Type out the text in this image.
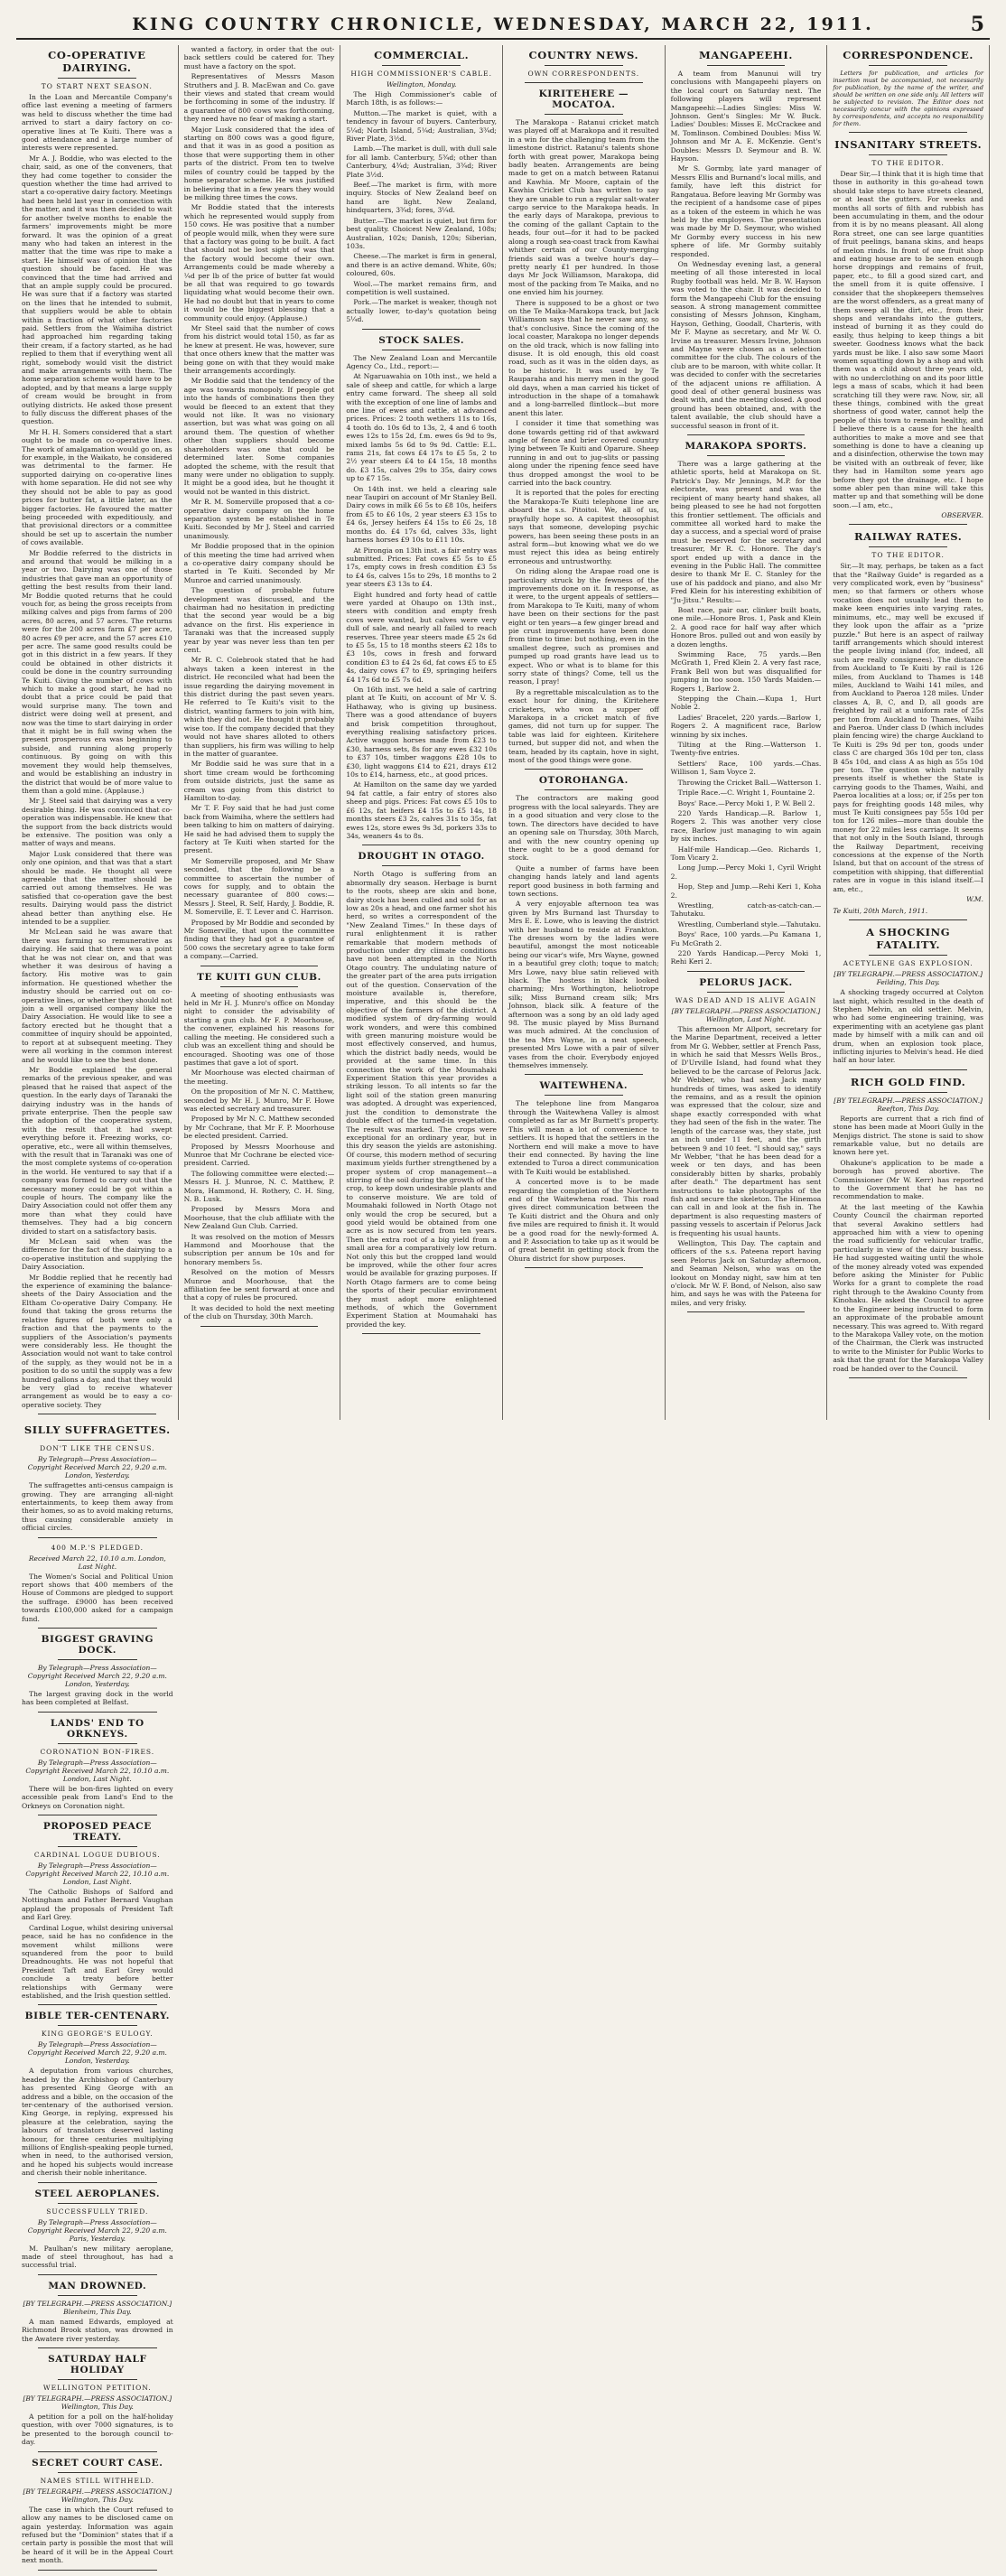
KING COUNTRY CHRONICLE, WEDNESDAY, MARCH 22, 1911.	5
CO-OPERATIVE DAIRYING.
TO START NEXT SEASON.

In the Loan and Mercantile Company's office last evening a meeting of farmers was held to discuss whether the time had arrived to start a dairy factory on co-operative lines at Te Kuiti. There was a good attendance and a large number of interests were represented.

Mr A. J. Boddie, who was elected to the chair, said, as one of the conveners, that they had come together to consider the question whether the time had arrived to start a co-operative dairy factory. Meetings had been held last year in connection with the matter, and it was then decided to wait for another twelve months to enable the farmers' improvements might be more forward. It was the opinion of a great many who had taken an interest in the matter that the time was ripe to make a start. He himself was of opinion that the question should be faced. He was convinced that the time had arrived and that an ample supply could be procured. He was sure that if a factory was started on the lines that he intended to submit, that suppliers would be able to obtain within a fraction of what other factories paid. Settlers from the Waimiha district had approached him regarding taking their cream, if a factory started, as he had replied to them that if everything went all right, somebody would visit the district and make arrangements with them. The home separation scheme would have to be adopted, and by that means a large supply of cream would be brought in from outlying districts. He asked those present to fully discuss the different phases of the question.

Mr H. H. Somers considered that a start ought to be made on co-operative lines. The work of amalgamation would go on, as for example, in the Waikato, he considered was detrimental to the farmer. He supported dairying on co-operative lines with home separation. He did not see why they should not be able to pay as good prices for butter fat, a little later, as the bigger factories. He favoured the matter being proceeded with expeditiously, and that provisional directors or a committee should be set up to ascertain the number of cows available.

Mr Boddie referred to the districts in and around that would be milking in a year or two. Dairying was one of those industries that gave man an opportunity of getting the best results from their land. Mr Boddie quoted returns that he could vouch for, as being the gross receipts from milking calves and pigs from farms of 200 acres, 80 acres, and 57 acres. The returns were for the 200 acres farm £7 per acre, 80 acres £9 per acre, and the 57 acres £10 per acre. The same good results could be got in this district in a few years. If they could be obtained in other districts it could be done in the country surrounding Te Kuiti. Giving the number of cows with which to make a good start, he had no doubt that a price could be paid that would surprise many. The town and district were doing well at present, and now was the time to start dairying in order that it might be in full swing when the present prosperous era was beginning to subside, and running along properly continuous. By going on with this movement they would help themselves, and would be establishing an industry in the district that would be of more value to them than a gold mine. (Applause.)

Mr J. Steel said that dairying was a very desirable thing. He was convinced that co-operation was indispensable. He knew that the support from the back districts would be extensive. The position was only a matter of ways and means.

Major Lusk considered that there was only one opinion, and that was that a start should be made. He thought all were agreeable that the matter should be carried out among themselves. He was satisfied that co-operation gave the best results. Dairying would pass the district ahead better than anything else. He intended to be a supplier.

Mr McLean said he was aware that there was farming so remunerative as dairying. He said that there was a point that he was not clear on, and that was whether it was desirous of having a factory. His motive was to gain information. He questioned whether the industry should be carried out on co-operative lines, or whether they should not join a well organised company like the Dairy Association. He would like to see a factory erected but he thought that a committee of inquiry should be appointed, to report at at subsequent meeting. They were all working in the common interest and he would like to see the best done.

Mr Boddie explained the general remarks of the previous speaker, and was pleased that he raised that aspect of the question. In the early days of Taranaki the dairying industry was in the hands of private enterprise. Then the people saw the adoption of the cooperative system, with the result that it had swept everything before it. Freezing works, co-operative, etc., were all within themselves, with the result that in Taranaki was one of the most complete systems of co-operation in the world. He ventured to say that if a company was formed to carry out that the necessary money could be got within a couple of hours. The company like the Dairy Association could not offer them any more than what they could have themselves. They had a big concern divided to start on a satisfactory basis.

Mr McLean said when was the difference for the fact of the dairying to a co-operative institution and supplying the Dairy Association.

Mr Boddie replied that he recently had the experience of examining the balance-sheets of the Dairy Association and the Eltham Co-operative Dairy Company. He found that taking the gross returns the relative figures of both were only a fraction and that the payments to the suppliers of the Association's payments were considerably less. He thought the Association would not want to take control of the supply, as they would not be in a position to do so until the supply was a few hundred gallons a day, and that they would be very glad to receive whatever arrangement as would be to easy a co-operative society. They

wanted a factory, in order that the out-back settlers could be catered for. They must have a factory on the spot.

Representatives of Messrs Mason Struthers and J. B. MacEwan and Co. gave their views and stated that cream would be forthcoming in some of the industry. If a guarantee of 800 cows was forthcoming, they need have no fear of making a start.

Major Lusk considered that the idea of starting on 800 cows was a good figure, and that it was in as good a position as those that were supporting them in other parts of the district. From ten to twelve miles of country could be tapped by the home separator scheme. He was justified in believing that in a few years they would be milking three times the cows.

Mr Boddie stated that the interests which he represented would supply from 150 cows. He was positive that a number of people would milk, when they were sure that a factory was going to be built. A fact that should not be lost sight of was that the factory would become their own. Arrangements could be made whereby a ¼d per lb of the price of butter fat would be all that was required to go towards liquidating what would become their own. He had no doubt but that in years to come it would be the biggest blessing that a community could enjoy. (Applause.)

Mr Steel said that the number of cows from his district would total 150, as far as he knew at present. He was, however, sure that once others knew that the matter was being gone on with that they would make their arrangements accordingly.

Mr Boddie said that the tendency of the age was towards monopoly. If people got into the hands of combinations then they would be fleeced to an extent that they would not like. It was no visionary assertion, but was what was going on all around them. The question of whether other than suppliers should become shareholders was one that could be determined later. Some companies adopted the scheme, with the result that many were under no obligation to supply. It might be a good idea, but he thought it would not be wanted in this district.

Mr R. M. Somerville proposed that a co-operative dairy company on the home separation system be established in Te Kuiti. Seconded by Mr J. Steel and carried unanimously.

Mr Boddie proposed that in the opinion of this meeting the time had arrived when a co-operative dairy company should be started in Te Kuiti. Seconded by Mr Munroe and carried unanimously.

The question of probable future development was discussed, and the chairman had no hesitation in predicting that the second year would be a big advance on the first. His experience in Taranaki was that the increased supply year by year was never less than ten per cent.

Mr R. C. Colebrook stated that he had always taken a keen interest in the district. He reconciled what had been the issue regarding the dairying movement in this district during the past seven years. He referred to Te Kuiti's visit to the district, wanting farmers to join with him, which they did not. He thought it probably wise too. If the company decided that they would not have shares alloted to others than suppliers, his firm was willing to help in the matter of guarantee.

Mr Boddie said he was sure that in a short time cream would be forthcoming from outside districts, just the same as cream was going from this district to Hamilton to-day.

Mr T. F. Foy said that he had just come back from Waimiha, where the settlers had been talking to him on matters of dairying. He said he had advised them to supply the factory at Te Kuiti when started for the present.

Mr Somerville proposed, and Mr Shaw seconded, that the following be a committee to ascertain the number of cows for supply, and to obtain the necessary guarantee of 800 cows:— Messrs J. Steel, R. Self, Hardy, J. Boddie, R. M. Somerville, E. T. Lever and C. Harrison.

Proposed by Mr Boddie and seconded by Mr Somerville, that upon the committee finding that they had got a guarantee of 500 cows the secretary agree to take form a company.—Carried.

TE KUITI GUN CLUB.

A meeting of shooting enthusiasts was held in Mr H. J. Munro's office on Monday night to consider the advisability of starting a gun club. Mr F. P. Moorhouse, the convener, explained his reasons for calling the meeting. He considered such a club was an excellent thing and should be encouraged. Shooting was one of those pastimes that gave a lot of sport.

Mr Moorhouse was elected chairman of the meeting.

On the proposition of Mr N. C. Matthew, seconded by Mr H. J. Munro, Mr F. Howe was elected secretary and treasurer.

Proposed by Mr N. C. Matthew seconded by Mr Cochrane, that Mr F. P. Moorhouse be elected president. Carried.

Proposed by Messrs Moorhouse and Munroe that Mr Cochrane be elected vice-president. Carried.

The following committee were elected:—Messrs H. J. Munroe, N. C. Matthew, P. Mora, Hammond, H. Rothery, C. H. Sing, N. B. Lusk.

Proposed by Messrs Mora and Moorhouse, that the club affiliate with the New Zealand Gun Club. Carried.

It was resolved on the motion of Messrs Hammond and Moorhouse that the subscription per annum be 10s and for honorary members 5s.

Resolved on the motion of Messrs Munroe and Moorhouse, that the affiliation fee be sent forward at once and that a copy of rules be procured.

It was decided to hold the next meeting of the club on Thursday, 30th March.

COMMERCIAL.
HIGH COMMISSIONER'S CABLE.
Wellington, Monday.

The High Commissioner's cable of March 18th, is as follows:—

Mutton.—The market is quiet, with a tendency in favour of buyers. Canterbury, 5¼d; North Island, 5¼d; Australian, 3¾d; River Plate, 3½d.

Lamb.—The market is dull, with dull sale for all lamb. Canterbury, 5¾d; other than Canterbury, 4¾d; Australian, 3¾d; River Plate 3½d.

Beef.—The market is firm, with more inquiry. Stocks of New Zealand beef on hand are light. New Zealand, hindquarters, 3¾d; fores, 3¼d.

Butter.—The market is quiet, but firm for best quality. Choicest New Zealand, 108s; Australian, 102s; Danish, 120s; Siberian, 103s.

Cheese.—The market is firm in general, and there is an active demand. White, 60s; coloured, 60s.

Wool.—The market remains firm, and competition is well sustained.

Pork.—The market is weaker, though not actually lower, to-day's quotation being 5¼d.

STOCK SALES.

The New Zealand Loan and Mercantile Agency Co., Ltd., report:—

At Ngaruawahia on 10th inst., we held a sale of sheep and cattle, for which a large entry came forward. The sheep all sold with the exception of one line of lambs and one line of ewes and cattle, at advanced prices. Prices: 2 tooth wethers 11s to 16s, 4 tooth do. 10s 6d to 13s, 2, 4 and 6 tooth ewes 12s to 15s 2d, f.m. ewes 6s 9d to 9s, mixed lambs 5s 6d to 9s 9d. Cattle: E.L. rams 21s, fat cows £4 17s to £5 5s, 2 to 2½ year steers £4 to £4 15s, 18 months do. £3 15s, calves 29s to 35s, dairy cows up to £7 15s.

On 14th inst. we held a clearing sale near Taupiri on account of Mr Stanley Bell. Dairy cows in milk £6 5s to £8 10s, heifers from £5 to £6 10s, 2 year steers £3 15s to £4 6s, Jersey heifers £4 15s to £6 2s, 18 months do. £4 17s 6d, calves 33s, light harness horses £9 10s to £11 10s.

At Pirongia on 13th inst. a fair entry was submitted. Prices: Fat cows £5 5s to £5 17s, empty cows in fresh condition £3 5s to £4 6s, calves 15s to 29s, 18 months to 2 year steers £3 13s to £4.

Eight hundred and forty head of cattle were yarded at Ohaupo on 13th inst., steers with condition and empty fresh cows were wanted, but calves were very dull of sale, and nearly all failed to reach reserves. Three year steers made £5 2s 6d to £5 5s, 15 to 18 months steers £2 18s to £3 10s, cows in fresh and forward condition £3 to £4 2s 6d, fat cows £5 to £5 4s, dairy cows £7 to £9, springing heifers £4 17s 6d to £5 7s 6d.

On 16th inst. we held a sale of cartring plant at Te Kuiti, on account of Mr V. S. Hathaway, who is giving up business. There was a good attendance of buyers and brisk competition throughout, everything realising satisfactory prices. Active waggon horses made from £23 to £30, harness sets, 8s for any ewes £32 10s to £37 10s, timber waggons £28 10s to £30, light waggons £14 to £21, drays £12 10s to £14, harness, etc., at good prices.

At Hamilton on the same day we yarded 94 fat cattle, a fair entry of stores also sheep and pigs. Prices: Fat cows £5 10s to £6 12s, fat heifers £4 15s to £5 14s, 18 months steers £3 2s, calves 31s to 35s, fat ewes 12s, store ewes 9s 3d, porkers 33s to 34s, weaners 4s to 8s.

DROUGHT IN OTAGO.

North Otago is suffering from an abnormally dry season. Herbage is burnt to the roots, sheep are skin and bone, dairy stock has been culled and sold for as low as 20s a head, and one farmer shot his herd, so writes a correspondent of the "New Zealand Times." In these days of rural enlightenment it is rather remarkable that modern methods of production under dry climate conditions have not been attempted in the North Otago country. The undulating nature of the greater part of the area puts irrigation out of the question. Conservation of the moisture available is, therefore, imperative, and this should be the objective of the farmers of the district. A modified system of dry-farming would work wonders, and were this combined with green manuring moisture would be most effectively conserved, and humus, which the district badly needs, would be provided at the same time. In this connection the work of the Moumahaki Experiment Station this year provides a striking lesson. To all intents so far the light soil of the station green manuring was adopted. A drought was experienced, just the condition to demonstrate the double effect of the turned-in vegetation. The result was marked. The crops were exceptional for an ordinary year, but in this dry season the yields are astonishing. Of course, this modern method of securing maximum yields further strengthened by a proper system of crop management—a stirring of the soil during the growth of the crop, to keep down undesirable plants and to conserve moisture. We are told of Moumahaki followed in North Otago not only would the crop be secured, but a good yield would be obtained from one acre as is now secured from ten years. Then the extra root of a big yield from a small area for a comparatively low return. Not only this but the cropped land would be improved, while the other four acres would be available for grazing purposes. If North Otago farmers are to come being the sports of their peculiar environment they must adopt more enlightened methods, of which the Government Experiment Station at Moumahaki has provided the key.

COUNTRY NEWS.
OWN CORRESPONDENTS.
KIRITEHERE — MOCATOA.

The Marakopa - Ratanui cricket match was played off at Marakopa and it resulted in a win for the challenging team from the limestone district. Ratanui's talents shone forth with great power, Marakopa being badly beaten. Arrangements are being made to get on a match between Ratanui and Kawhia. Mr Moore, captain of the Kawhia Cricket Club has written to say they are unable to run a regular salt-water cargo service to the Marakopa heads. In the early days of Marakopa, previous to the coming of the gallant Captain to the heads, four out—for it had to be packed along a rough sea-coast track from Kawhai whither certain of our County-merging friends said was a twelve hour's day—pretty nearly £1 per hundred. In those days Mr Jock Williamson, Marakopa, did most of the packing from Te Maika, and no one envied him his journey.

There is supposed to be a ghost or two on the Te Maika-Marakopa track, but Jack Williamson says that he never saw any, so that's conclusive. Since the coming of the local coaster, Marakopa no longer depends on the old track, which is now falling into disuse. It is old enough, this old coast road, such as it was in the olden days, as to be historic. It was used by Te Rauparaha and his merry men in the good old days, when a man carried his ticket of introduction in the shape of a tomahawk and a long-barrelled flintlock—but more anent this later.

I consider it time that something was done towards getting rid of that awkward angle of fence and brier covered country lying between Te Kuiti and Oparure. Sheep running in and out to jug-slits or passing along under the ripening fence seed have thus dropped amongst the wool to be carried into the back country.

It is reported that the poles for erecting the Marakopa-Te Kuiti telephone line are aboard the s.s. Pitoitoi. We, all of us, prayfully hope so. A capitest theosophist says that someone, developing psychic powers, has been seeing these posts in an astral form—but knowing what we do we must reject this idea as being entirely erroneous and untrustworthy.

On riding along the Arapae road one is particulary struck by the fewness of the improvements done on it. In response, as it were, to the urgent appeals of settlers—from Marakopa to Te Kuiti, many of whom have been on their sections for the past eight or ten years—a few ginger bread and pie crust improvements have been done from time to time: but nothing, even in the smallest degree, such as promises and pumped up road grants have lead us to expect. Who or what is to blame for this sorry state of things? Come, tell us the reason, I pray!

By a regrettable miscalculation as to the exact hour for dining, the Kiritehere cricketers, who won a supper off Marakopa in a cricket match of five games, did not turn up for supper. The table was laid for eighteen. Kiritehere turned, but supper did not, and when the team, headed by its captain, hove in sight, most of the good things were gone.

OTOROHANGA.

The contractors are making good progress with the local saleyards. They are in a good situation and very close to the town. The directors have decided to have an opening sale on Thursday, 30th March, and with the new country opening up there ought to be a good demand for stock.

Quite a number of farms have been changing hands lately and land agents report good business in both farming and town sections.

A very enjoyable afternoon tea was given by Mrs Burnand last Thursday to Mrs E. E. Lowe, who is leaving the district with her husband to reside at Frankton. The dresses worn by the ladies were beautiful, amongst the most noticeable being our vicar's wife, Mrs Wayne, gowned in a beautiful grey cloth; toque to match; Mrs Lowe, navy blue satin relieved with black. The hostess in black looked charming; Mrs Worthington, heliotrope silk; Miss Burnand cream silk; Mrs Johnson, black silk. A feature of the afternoon was a song by an old lady aged 98. The music played by Miss Burnand was much admired. At the conclusion of the tea Mrs Wayne, in a neat speech, presented Mrs Lowe with a pair of silver vases from the choir. Everybody enjoyed themselves immensely.

WAITEWHENA.

The telephone line from Mangaroa through the Waitewhena Valley is almost completed as far as Mr Burnett's property. This will mean a lot of convenience to settlers. It is hoped that the settlers in the Northern end will make a move to have their end connected. By having the line extended to Turoa a direct communication with Te Kuiti would be established.

A concerted move is to be made regarding the completion of the Northern end of the Waitewhena road. This road gives direct communication between the Te Kuiti district and the Ohura and only five miles are required to finish it. It would be a good road for the newly-formed A. and P. Association to take up as it would be of great benefit in getting stock from the Ohura district for show purposes.

MANGAPEEHI.

A team from Manunui will try conclusions with Mangapeehi players on the local court on Saturday next. The following players will represent Mangapeehi:—Ladies Singles: Miss W. Johnson. Gent's Singles: Mr W. Buck. Ladies' Doubles: Misses E. McCrackee and M. Tomlinson. Combined Doubles: Miss W. Johnson and Mr A. E. McKenzie. Gent's Doubles: Messrs D. Seymour and B. W. Hayson.

Mr S. Gormby, late yard manager of Messrs Ellis and Burnand's local mills, and family, have left this district for Rangataua. Before leaving Mr Gormby was the recipient of a handsome case of pipes as a token of the esteem in which he was held by the employees. The presentation was made by Mr D. Seymour, who wished Mr Gormby every success in his new sphere of life. Mr Gormby suitably responded.

On Wednesday evening last, a general meeting of all those interested in local Rugby football was held. Mr B. W. Hayson was voted to the chair. It was decided to form the Mangapeehi Club for the ensuing season. A strong management committee consisting of Messrs Johnson, Kingham, Hayson, Gething, Goodall, Charteris, with Mr F. Mayne as secretary, and Mr W. O. Irvine as treasurer. Messrs Irvine, Johnson and Mayne were chosen as a selection committee for the club. The colours of the club are to be maroon, with white collar. It was decided to confer with the secretaries of the adjacent unions re affiliation. A good deal of other general business was dealt with, and the meeting closed. A good ground has been obtained, and, with the talent available, the club should have a successful season in front of it.

MARAKOPA SPORTS.

There was a large gathering at the athletic sports, held at Marakopa on St. Patrick's Day. Mr Jennings, M.P. for the electorate, was present and was the recipient of many hearty hand shakes, all being pleased to see he had not forgotten this frontier settlement. The officials and committee all worked hard to make the day a success, and a special word of praise must be reserved for the secretary and treasurer, Mr R. C. Honore. The day's sport ended up with a dance in the evening in the Public Hall. The committee desire to thank Mr E. C. Stanley for the use of his paddock and piano, and also Mr Fred Klein for his interesting exhibition of "Ju-Jitsu." Results:—

Boat race, pair oar, clinker built boats, one mile.—Honore Bros. 1, Pask and Klein 2. A good race for half way after which Honore Bros. pulled out and won easily by a dozen lengths.

Swimming Race, 75 yards.—Ben McGrath 1, Fred Klein 2. A very fast race, Frank Bell won but was disqualified for jumping in too soon. 150 Yards Maiden.—Rogers 1, Barlow 2.

Stepping the Chain.—Kupa 1, Hurt Noble 2.

Ladies' Bracelet, 220 yards.—Barlow 1, Rogers 2. A magnificent race, Barlow winning by six inches.

Tilting at the Ring.—Watterson 1. Twenty-five entries.

Settlers' Race, 100 yards.—Chas. Willison 1, Sam Voyce 2.

Throwing the Cricket Ball.—Watterson 1.

Triple Race.—C. Wright 1, Fountaine 2.

Boys' Race.—Percy Moki 1, P. W. Bell 2.

220 Yards Handicap.—R. Barlow 1, Rogers 2. This was another very close race, Barlow just managing to win again by six inches.

Half-mile Handicap.—Geo. Richards 1, Tom Vicary 2.

Long Jump.—Percy Moki 1, Cyril Wright 2.

Hop, Step and Jump.—Rehi Keri 1, Koha 2.

Wrestling, catch-as-catch-can.—Tahutaku.

Wrestling, Cumberland style.—Tahutaku.

Boys' Race, 100 yards.—Pu Kamana 1, Fu McGrath 2.

220 Yards Handicap.—Percy Moki 1, Rehi Keri 2.

PELORUS JACK.
WAS DEAD AND IS ALIVE AGAIN
[BY TELEGRAPH.—PRESS ASSOCIATION.] Wellington, Last Night.

This afternoon Mr Allport, secretary for the Marine Department, received a letter from Mr G. Webber, settler at French Pass, in which he said that Messrs Wells Bros., of D'Urville Island, had found what they believed to be the carcase of Pelorus Jack. Mr Webber, who had seen Jack many hundreds of times, was asked to identify the remains, and as a result the opinion was expressed that the colour, size and shape exactly corresponded with what they had seen of the fish in the water. The length of the carcase was, they state, just an inch under 11 feet, and the girth between 9 and 10 feet. "I should say," says Mr Webber, "that he has been dead for a week or ten days, and has been considerably bitten by sharks, probably after death." The department has sent instructions to take photographs of the fish and secure the skeleton. The Hinemoa can call in and look at the fish in. The department is also requesting masters of passing vessels to ascertain if Pelorus Jack is frequenting his usual haunts.

Wellington, This Day. The captain and officers of the s.s. Pateena report having seen Pelorus Jack on Saturday afternoon, and Seaman Nelson, who was on the lookout on Monday night, saw him at ten o'clock. Mr W. F. Bond, of Nelson, also saw him, and says he was with the Pateena for miles, and very frisky.

CORRESPONDENCE.

Letters for publication, and articles for insertion must be accompanied, not necessarily for publication, by the name of the writer, and should be written on one side only. All letters will be subjected to revision. The Editor does not necessarily concur with the opinions expressed by correspondents, and accepts no responsibility for them.

INSANITARY STREETS.
TO THE EDITOR.

Dear Sir,—I think that it is high time that those in authority in this go-ahead town should take steps to have streets cleaned, or at least the gutters. For weeks and months all sorts of filth and rubbish has been accumulating in them, and the odour from it is by no means pleasant. All along Rora street, one can see large quantities of fruit peelings, banana skins, and heaps of melon rinds. In front of one fruit shop and eating house are to be seen enough horse droppings and remains of fruit, paper, etc., to fill a good sized cart, and the smell from it is quite offensive. I consider that the shopkeepers themselves are the worst offenders, as a great many of them sweep all the dirt, etc., from their shops and verandahs into the gutters, instead of burning it as they could do easily, thus helping to keep things a bit sweeter. Goodness knows what the back yards must be like. I also saw some Maori women squatting down by a shop and with them was a child about three years old, with no underclothing on and its poor little legs a mass of scabs, which it had been scratching till they were raw. Now, sir, all these things, combined with the great shortness of good water, cannot help the people of this town to remain healthy, and I believe there is a cause for the health authorities to make a move and see that something is done to have a cleaning up and a disinfection, otherwise the town may be visited with an outbreak of fever, like they had in Hamilton some years ago before they got the drainage, etc. I hope some abler pen than mine will take this matter up and that something will be done soon.—I am, etc.,

OBSERVER.
RAILWAY RATES.
TO THE EDITOR.

Sir,—It may, perhaps, be taken as a fact that the "Railway Guide" is regarded as a very complicated work, even by "business" men; so that farmers or others whose vocation does not usually lead them to make keen enquiries into varying rates, minimums, etc., may well be excused if they look upon the affair as a "prize puzzle." But here is an aspect of railway tariff arrangements which should interest the people living inland (for, indeed, all such are really consignees). The distance from Auckland to Te Kuiti by rail is 126 miles, from Auckland to Thames is 148 miles, Auckland to Waihi 141 miles, and from Auckland to Paeroa 128 miles. Under classes A, B, C, and D, all goods are freighted by rail at a uniform rate of 25s per ton from Auckland to Thames, Waihi and Paeroa. Under class D (which includes plain fencing wire) the charge Auckland to Te Kuiti is 29s 9d per ton, goods under class C are charged 36s 10d per ton, class B 45s 10d, and class A as high as 55s 10d per ton. The question which naturally presents itself is whether the State is carrying goods to the Thames, Waihi, and Paeroa localities at a loss; or, if 25s per ton pays for freighting goods 148 miles, why must Te Kuiti consignees pay 55s 10d per ton for 126 miles—more than double the money for 22 miles less carriage. It seems that not only in the South Island, through the Railway Department, receiving concessions at the expense of the North Island, but that on account of the stress of competition with shipping, that differential rates are in vogue in this island itself.—I am, etc.,

W.M.
Te Kuiti, 20th March, 1911.
A SHOCKING FATALITY.
ACETYLENE GAS EXPLOSION.
[BY TELEGRAPH.—PRESS ASSOCIATION.] Feilding, This Day.

A shocking tragedy occurred at Colyton last night, which resulted in the death of Stephen Melvin, an old settler. Melvin, who had some engineering training, was experimenting with an acetylene gas plant made by himself with a milk can and oil drum, when an explosion took place, inflicting injuries to Melvin's head. He died half an hour later.

RICH GOLD FIND.
[BY TELEGRAPH.—PRESS ASSOCIATION.] Reefton, This Day.

Reports are current that a rich find of stone has been made at Moori Gully in the Menjigs district. The stone is said to show remarkable value, but no details are known here yet.

Ohakune's application to be made a borough has proved abortive. The Commissioner (Mr W. Kerr) has reported to the Government that he has no recommendation to make.

At the last meeting of the Kawhia County Council the chairman reported that several Awakino settlers had approached him with a view to opening the road sufficiently for vehicular traffic, particularly in view of the dairy business. He had suggested waiting until the whole of the money already voted was expended before asking the Minister for Public Works for a grant to complete the road right through to the Awakino County from Kinohaku. He asked the Council to agree to the Engineer being instructed to form an approximate of the probable amount necessary. This was agreed to. With regard to the Marakopa Valley vote, on the motion of the Chairman, the Clerk was instructed to write to the Minister for Public Works to ask that the grant for the Marakopa Valley road be handed over to the Council.

SILLY SUFFRAGETTES.
DON'T LIKE THE CENSUS.
By Telegraph—Press Association—Copyright Received March 22, 9.20 a.m. London, Yesterday.

The suffragettes anti-census campaign is growing. They are arranging all-night entertainments, to keep them away from their homes, so as to avoid making returns, thus causing considerable anxiety in official circles.

400 M.P.'S PLEDGED.
Received March 22, 10.10 a.m. London, Last Night.

The Women's Social and Political Union report shows that 400 members of the House of Commons are pledged to support the suffrage. £9000 has been received towards £100,000 asked for a campaign fund.

BIGGEST GRAVING DOCK.
By Telegraph—Press Association—Copyright Received March 22, 9.20 a.m. London, Yesterday.

The largest graving dock in the world has been completed at Belfast.

LANDS' END TO ORKNEYS.
CORONATION BON-FIRES.
By Telegraph—Press Association—Copyright Received March 22, 10.10 a.m. London, Last Night.

There will be bon-fires lighted on every accessible peak from Land's End to the Orkneys on Coronation night.

PROPOSED PEACE TREATY.
CARDINAL LOGUE DUBIOUS.
By Telegraph—Press Association—Copyright Received March 22, 10.10 a.m. London, Last Night.

The Catholic Bishops of Salford and Nottingham and Father Bernard Vaughan applaud the proposals of President Taft and Earl Grey.

Cardinal Logue, whilst desiring universal peace, said he has no confidence in the movement whilst millions were squandered from the poor to build Dreadnoughts. He was not hopeful that President Taft and Earl Grey would conclude a treaty before better relationships with Germany were established, and the Irish question settled.

BIBLE TER-CENTENARY.
KING GEORGE'S EULOGY.
By Telegraph—Press Association—Copyright Received March 22, 9.20 a.m. London, Yesterday.

A deputation from various churches, headed by the Archbishop of Canterbury has presented King George with an address and a bible, on the occasion of the ter-centenary of the authorised version. King George, in replying, expressed his pleasure at the celebration, saying the labours of translators deserved lasting honour, for three centuries multiplying millions of English-speaking people turned, when in need, to the authorised version, and he hoped his subjects would increase and cherish their noble inheritance.

STEEL AEROPLANES.
SUCCESSFULLY TRIED.
By Telegraph—Press Association—Copyright Received March 22, 9.20 a.m. Paris, Yesterday.

M. Paulhan's new military aeroplane, made of steel throughout, has had a successful trial.

MAN DROWNED.
[BY TELEGRAPH.—PRESS ASSOCIATION.] Blenheim, This Day.

A man named Edwards, employed at Richmond Brook station, was drowned in the Awatere river yesterday.

SATURDAY HALF HOLIDAY
WELLINGTON PETITION.
[BY TELEGRAPH.—PRESS ASSOCIATION.] Wellington, This Day.

A petition for a poll on the half-holiday question, with over 7000 signatures, is to be presented to the borough council to-day.

SECRET COURT CASE.
NAMES STILL WITHHELD.
[BY TELEGRAPH.—PRESS ASSOCIATION.] Wellington, This Day.

The case in which the Court refused to allow any names to be disclosed came on again yesterday. Information was again refused but the "Dominion" states that if a certain party is possible the most that will be heard of it will be in the Appeal Court next month.
